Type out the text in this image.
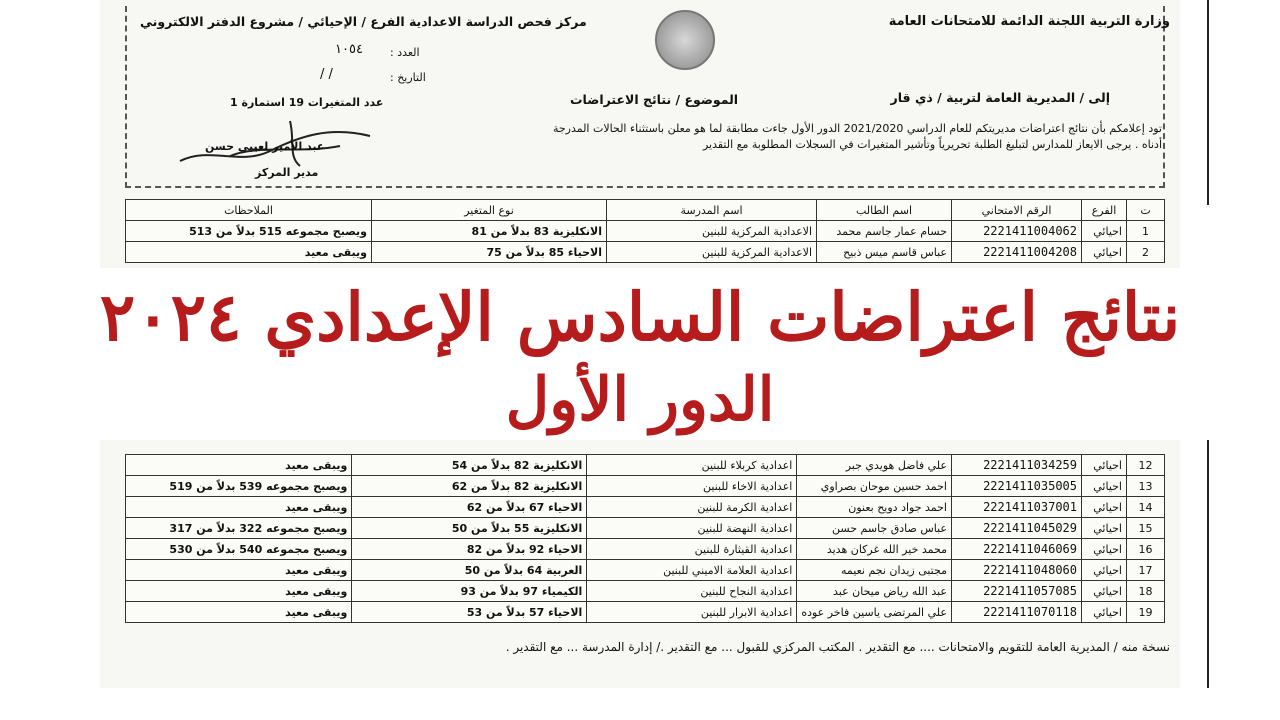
وزارة التربية اللجنة الدائمة للامتحانات العامة
مركز فحص الدراسة الاعدادية الفرع / الإحيائي / مشروع الدفتر الالكتروني
العدد :
١٠٥٤
التاريخ :
/ /
إلى / المديرية العامة لتربية / ذي قار
الموضوع / نتائج الاعتراضات
عدد المتغيرات 19 استمارة 1
تود إعلامكم بأن نتائج اعتراضات مديريتكم للعام الدراسي 2021/2020 الدور الأول جاءت مطابقة لما هو معلن باستثناء الحالات المدرجة
أدناه . يرجى الايعاز للمدارس لتبليغ الطلبة تحريرياً وتأشير المتغيرات في السجلات المطلوبة مع التقدير
عبد الأمير لعيبي حسن
مدير المركز
ت	الفرع	الرقم الامتحاني	اسم الطالب	اسم المدرسة	نوع المتغير	الملاحظات
1	احيائي	2221411004062	حسام عمار جاسم محمد	الاعدادية المركزية للبنين	الانكليزية 83 بدلاً من 81	ويصبح مجموعه 515 بدلاً من 513
2	احيائي	2221411004208	عباس قاسم ميس ذبيح	الاعدادية المركزية للبنين	الاحياء 85 بدلاً من 75	ويبقى معيد
12	احيائي	2221411034259	علي فاضل هويدي جبر	اعدادية كربلاء للبنين	الانكليزية 82 بدلاً من 54	ويبقى معيد
13	احيائي	2221411035005	احمد حسين موحان بصراوي	اعدادية الاخاء للبنين	الانكليزية 82 بدلاً من 62	ويصبح مجموعه 539 بدلاً من 519
14	احيائي	2221411037001	احمد جواد دويح بعنون	اعدادية الكرمة للبنين	الاحياء 67 بدلاً من 62	ويبقى معيد
15	احيائي	2221411045029	عباس صادق جاسم حسن	اعدادية النهضة للبنين	الانكليزية 55 بدلاً من 50	ويصبح مجموعه 322 بدلاً من 317
16	احيائي	2221411046069	محمد خير الله غركان هديد	اعدادية القيثارة للبنين	الاحياء 92 بدلاً من 82	ويصبح مجموعه 540 بدلاً من 530
17	احيائي	2221411048060	مجتبى زيدان نجم نعيمه	اعدادية العلامة الاميني للبنين	العربية 64 بدلاً من 50	ويبقى معيد
18	احيائي	2221411057085	عبد الله رياض ميحان عبد	اعدادية النجاح للبنين	الكيمياء 97 بدلاً من 93	ويبقى معيد
19	احيائي	2221411070118	علي المرتضى ياسين فاخر عوده	اعدادية الابرار للبنين	الاحياء 57 بدلاً من 53	ويبقى معيد
نتائج اعتراضات السادس الإعدادي ٢٠٢٤
الدور الأول
نسخة منه / المديرية العامة للتقويم والامتحانات .... مع التقدير . المكتب المركزي للقبول ... مع التقدير ./ إدارة المدرسة ... مع التقدير .
